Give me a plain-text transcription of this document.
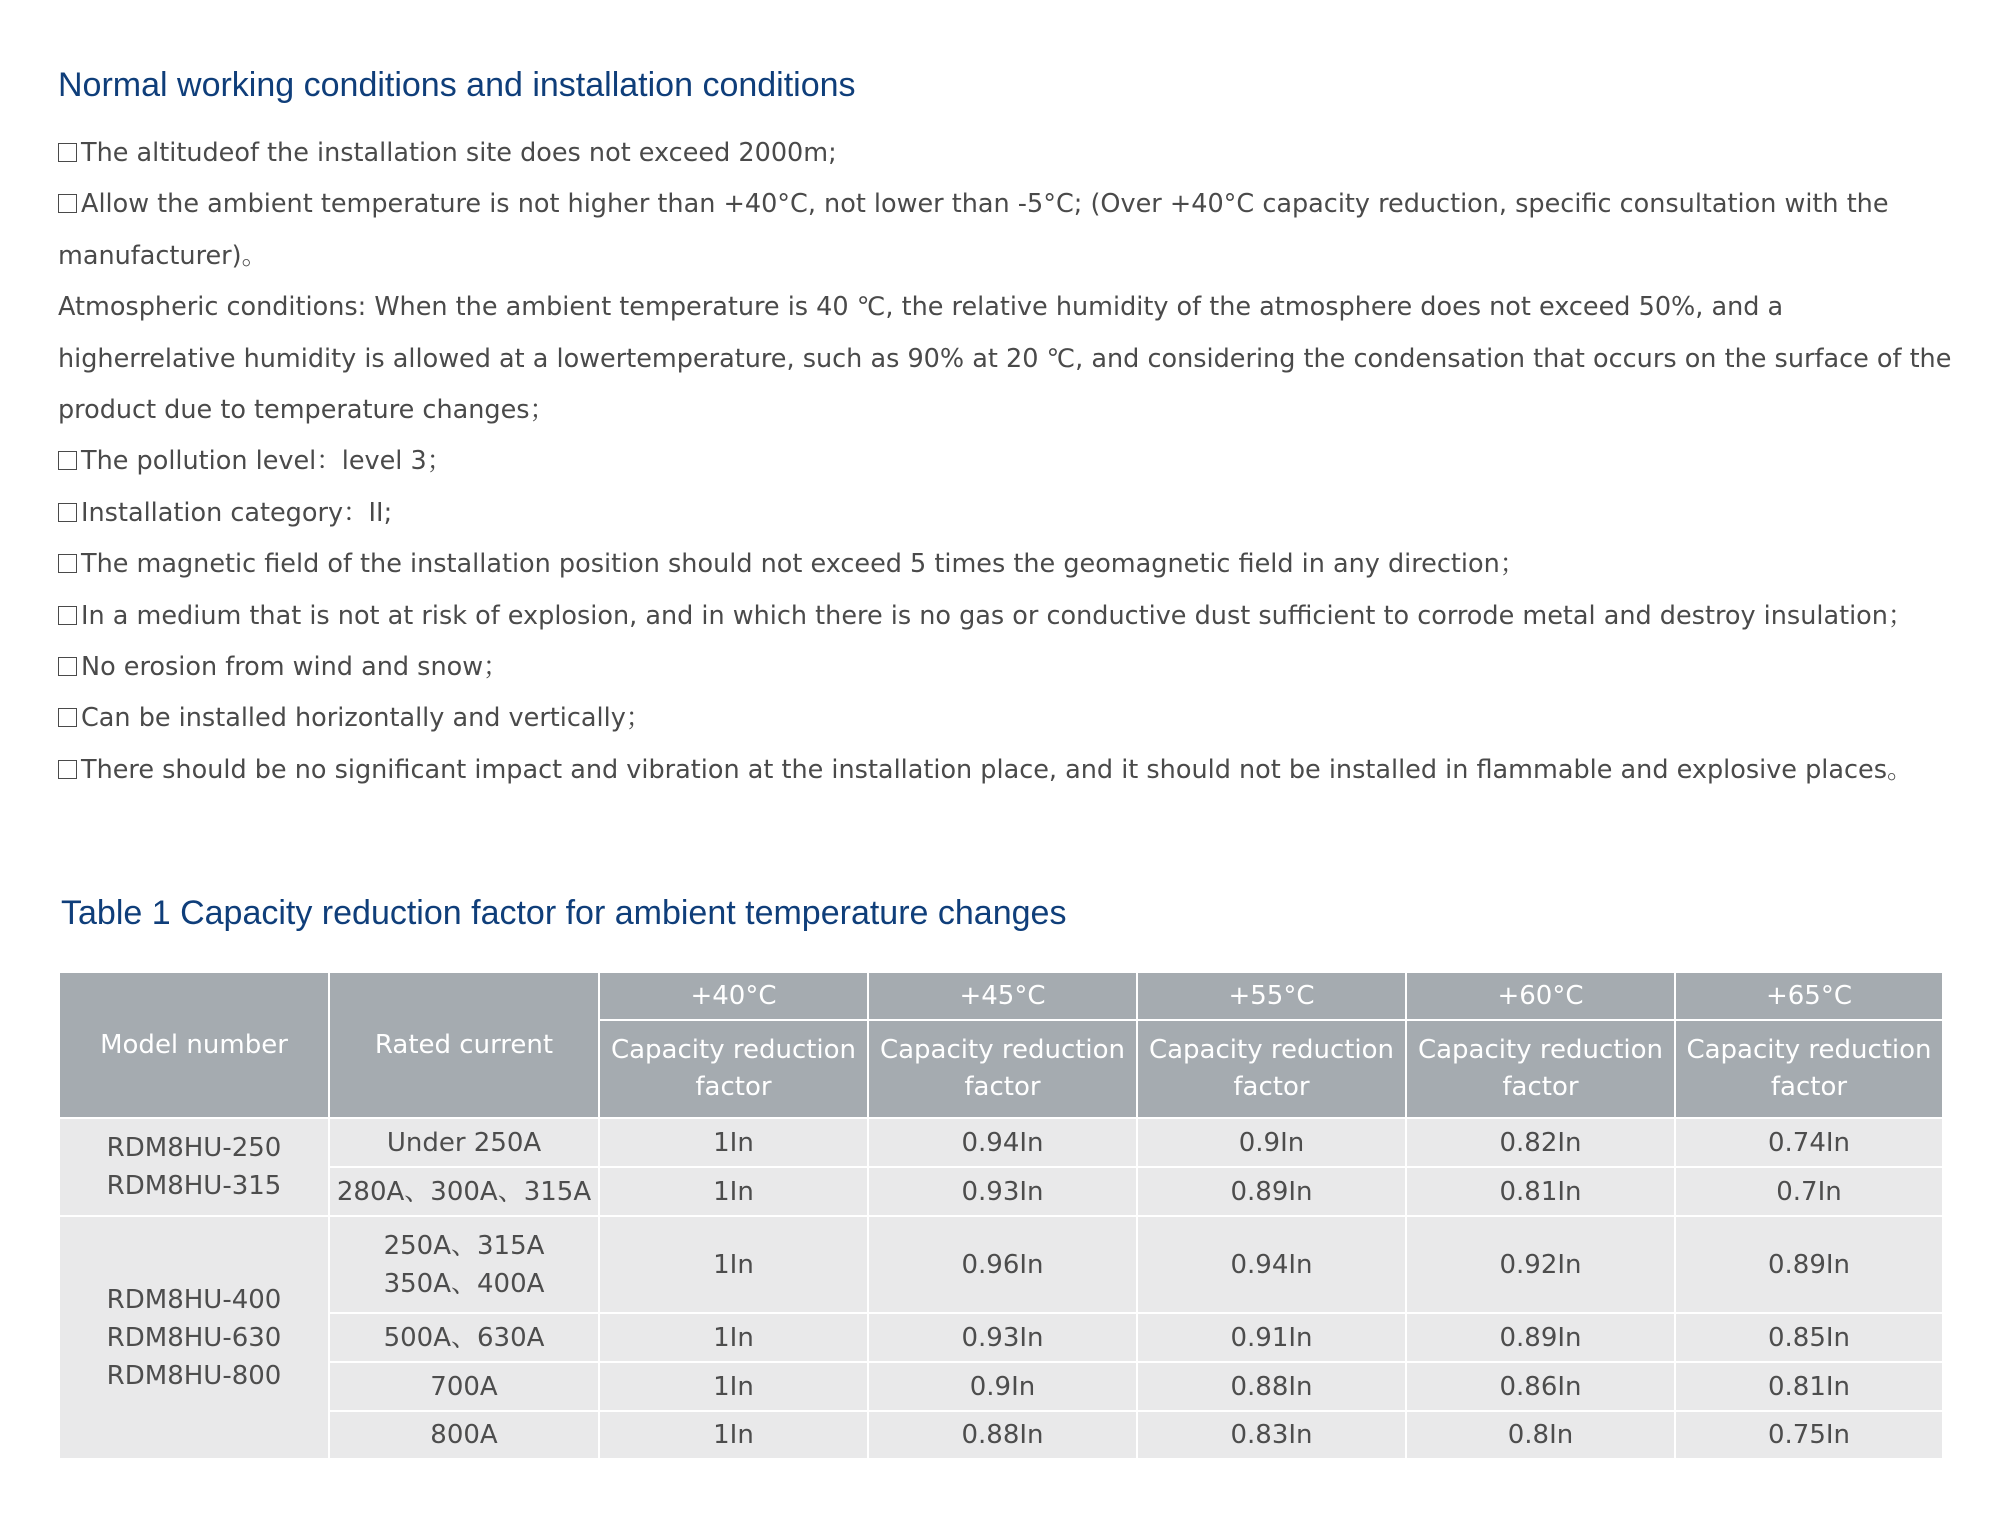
Normal working conditions and installation conditions
The altitudeof the installation site does not exceed 2000m;
Allow the ambient temperature is not higher than +40°C, not lower than -5°C; (Over +40°C capacity reduction, specific consultation with the manufacturer)。
Atmospheric conditions: When the ambient temperature is 40 ℃, the relative humidity of the atmosphere does not exceed 50%, and a higherrelative humidity is allowed at a lowertemperature, such as 90% at 20 ℃, and considering the condensation that occurs on the surface of the product due to temperature changes；
The pollution level：level 3；
Installation category：II;
The magnetic field of the installation position should not exceed 5 times the geomagnetic field in any direction；
In a medium that is not at risk of explosion, and in which there is no gas or conductive dust sufficient to corrode metal and destroy insulation；
No erosion from wind and snow；
Can be installed horizontally and vertically；
There should be no significant impact and vibration at the installation place, and it should not be installed in flammable and explosive places。
Table 1 Capacity reduction factor for ambient temperature changes
Model number	Rated current	+40°C	+45°C	+55°C	+60°C	+65°C
		Capacity reduction factor	Capacity reduction factor	Capacity reduction factor	Capacity reduction factor	Capacity reduction factor

RDM8HU-250
RDM8HU-315	Under 250A	1In	0.94In	0.9In	0.82In	0.74In

	280A、300A、315A	1In	0.93In	0.89In	0.81In	0.7In

RDM8HU-400
RDM8HU-630
RDM8HU-800	250A、315A
350A、400A	1In	0.96In	0.94In	0.92In	0.89In

	500A、630A	1In	0.93In	0.91In	0.89In	0.85In

	700A	1In	0.9In	0.88In	0.86In	0.81In

	800A	1In	0.88In	0.83In	0.8In	0.75In
